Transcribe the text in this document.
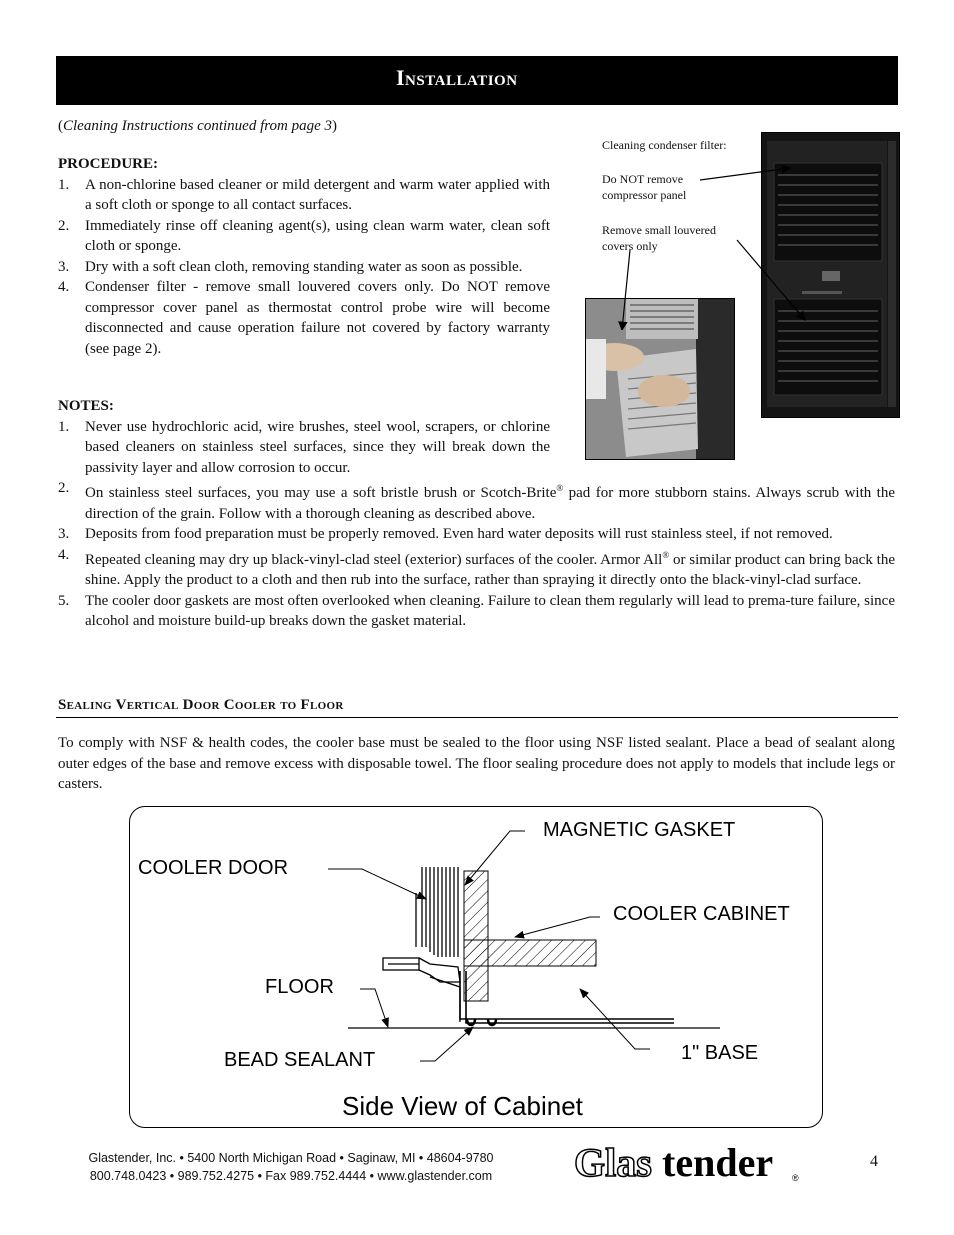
Installation
(Cleaning Instructions continued from page 3)
PROCEDURE:
1. A non-chlorine based cleaner or mild detergent and warm water applied with a soft cloth or sponge to all contact surfaces.
2. Immediately rinse off cleaning agent(s), using clean warm water, clean soft cloth or sponge.
3. Dry with a soft clean cloth, removing standing water as soon as possible.
4. Condenser filter - remove small louvered covers only. Do NOT remove compressor cover panel as thermostat control probe wire will become disconnected and cause operation failure not covered by factory warranty (see page 2).
NOTES:
1. Never use hydrochloric acid, wire brushes, steel wool, scrapers, or chlorine based cleaners on stainless steel surfaces, since they will break down the passivity layer and allow corrosion to occur.
2. On stainless steel surfaces, you may use a soft bristle brush or Scotch-Brite® pad for more stubborn stains. Always scrub with the direction of the grain. Follow with a thorough cleaning as described above.
3. Deposits from food preparation must be properly removed. Even hard water deposits will rust stainless steel, if not removed.
4. Repeated cleaning may dry up black-vinyl-clad steel (exterior) surfaces of the cooler. Armor All® or similar product can bring back the shine. Apply the product to a cloth and then rub into the surface, rather than spraying it directly onto the black-vinyl-clad surface.
5. The cooler door gaskets are most often overlooked when cleaning. Failure to clean them regularly will lead to prema-ture failure, since alcohol and moisture build-up breaks down the gasket material.
Cleaning condenser filter:
Do NOT remove compressor panel
Remove small louvered covers only
Sealing Vertical Door Cooler to Floor
To comply with NSF & health codes, the cooler base must be sealed to the floor using NSF listed sealant. Place a bead of sealant along outer edges of the base and remove excess with disposable towel. The floor sealing procedure does not apply to models that include legs or casters.
MAGNETIC GASKET
COOLER DOOR
COOLER CABINET
FLOOR
BEAD SEALANT	1" BASE
Side View of Cabinet
Glastender, Inc. • 5400 North Michigan Road • Saginaw, MI • 48604-9780
800.748.0423 • 989.752.4275 • Fax 989.752.4444 • www.glastender.com	Glas tender ®
4
